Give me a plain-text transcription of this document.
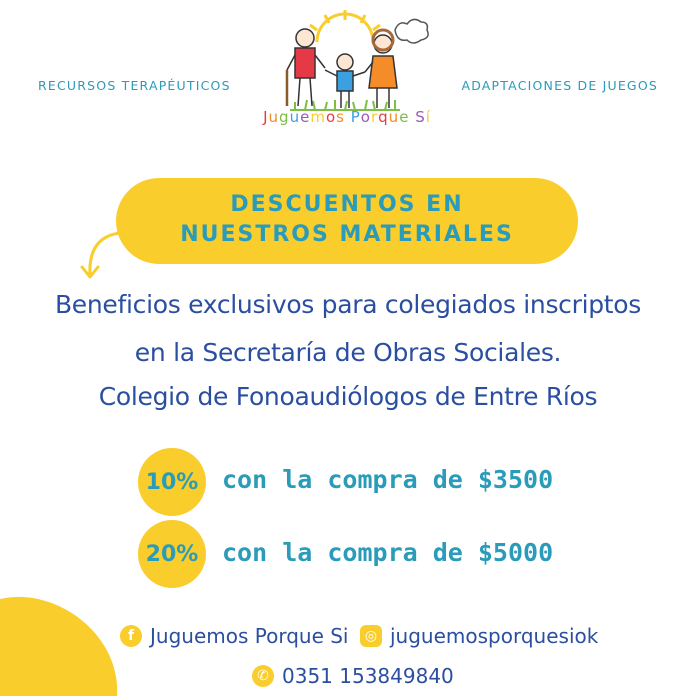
RECURSOS TERAPÉUTICOS	ADAPTACIONES DE JUEGOS
Juguemos Porque Sí
DESCUENTOS EN
NUESTROS MATERIALES
Beneficios exclusivos para colegiados inscriptos
en la Secretaría de Obras Sociales.
Colegio de Fonoaudiólogos de Entre Ríos
10% con la compra de $3500
20% con la compra de $5000
f Juguemos Porque Si	◎ juguemosporquesiok
✆ 0351 153849840
